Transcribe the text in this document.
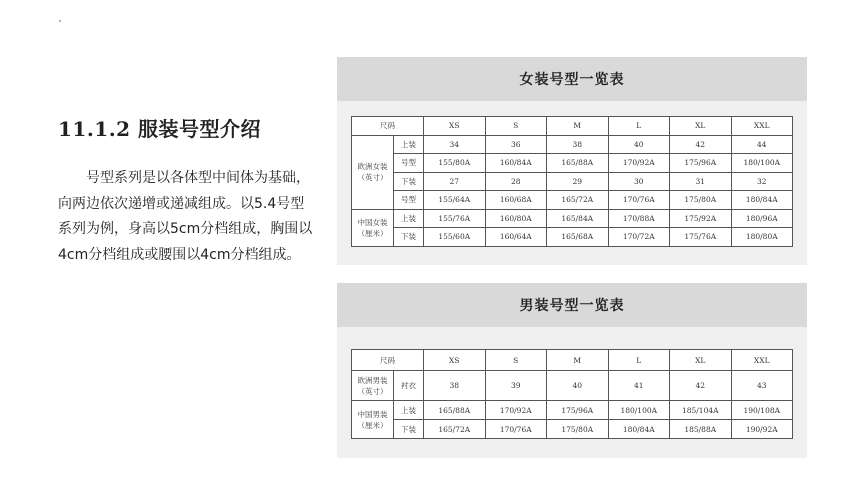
11.1.2 服装号型介绍

号型系列是以各体型中间体为基础，向两边依次递增或递减组成。以5.4号型系列为例，身高以5cm分档组成，胸围以4cm分档组成或腰围以4cm分档组成。

女装号型一览表
尺码		XS	S	M	L	XL	XXL
欧洲女装（英寸）	上装	34	36	38	40	42	44
	号型	155/80A	160/84A	165/88A	170/92A	175/96A	180/100A
	下装	27	28	29	30	31	32
	号型	155/64A	160/68A	165/72A	170/76A	175/80A	180/84A
中国女装（厘米）	上装	155/76A	160/80A	165/84A	170/88A	175/92A	180/96A
	下装	155/60A	160/64A	165/68A	170/72A	175/76A	180/80A
男装号型一览表
尺码		XS	S	M	L	XL	XXL
欧洲男装（英寸）	衬衣	38	39	40	41	42	43
中国男装（厘米）	上装	165/88A	170/92A	175/96A	180/100A	185/104A	190/108A
	下装	165/72A	170/76A	175/80A	180/84A	185/88A	190/92A
